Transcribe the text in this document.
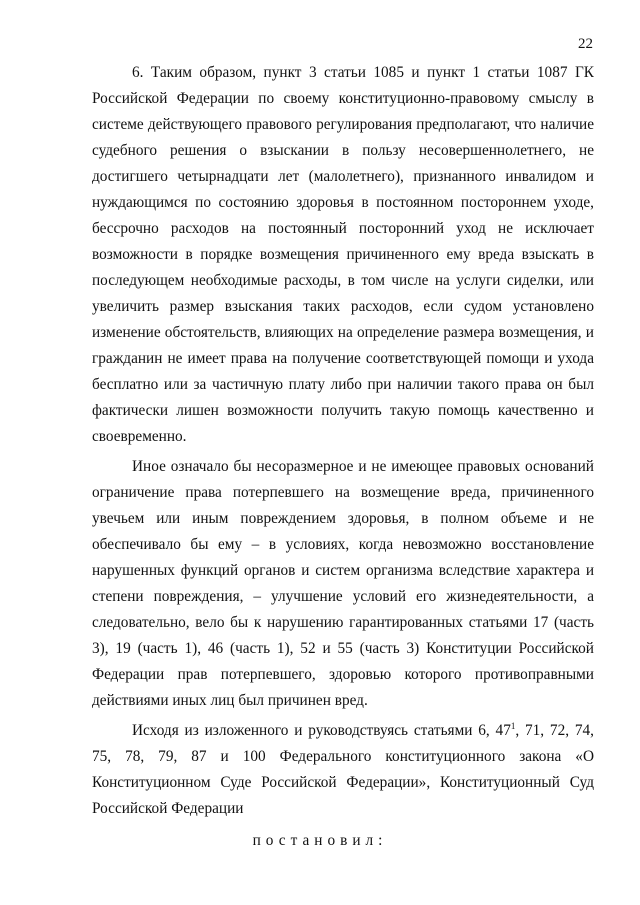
22

6. Таким образом, пункт 3 статьи 1085 и пункт 1 статьи 1087 ГК Российской Федерации по своему конституционно-правовому смыслу в системе действующего правового регулирования предполагают, что наличие судебного решения о взыскании в пользу несовершеннолетнего, не достигшего четырнадцати лет (малолетнего), признанного инвалидом и нуждающимся по состоянию здоровья в постоянном постороннем уходе, бессрочно расходов на постоянный посторонний уход не исключает возможности в порядке возмещения причиненного ему вреда взыскать в последующем необходимые расходы, в том числе на услуги сиделки, или увеличить размер взыскания таких расходов, если судом установлено изменение обстоятельств, влияющих на определение размера возмещения, и гражданин не имеет права на получение соответствующей помощи и ухода бесплатно или за частичную плату либо при наличии такого права он был фактически лишен возможности получить такую помощь качественно и своевременно.

Иное означало бы несоразмерное и не имеющее правовых оснований ограничение права потерпевшего на возмещение вреда, причиненного увечьем или иным повреждением здоровья, в полном объеме и не обеспечивало бы ему – в условиях, когда невозможно восстановление нарушенных функций органов и систем организма вследствие характера и степени повреждения, – улучшение условий его жизнедеятельности, а следовательно, вело бы к нарушению гарантированных статьями 17 (часть 3), 19 (часть 1), 46 (часть 1), 52 и 55 (часть 3) Конституции Российской Федерации прав потерпевшего, здоровью которого противоправными действиями иных лиц был причинен вред.

Исходя из изложенного и руководствуясь статьями 6, $47^1$, 71, 72, 74, 75, 78, 79, 87 и 100 Федерального конституционного закона «О Конституционном Суде Российской Федерации», Конституционный Суд Российской Федерации

постановил:
